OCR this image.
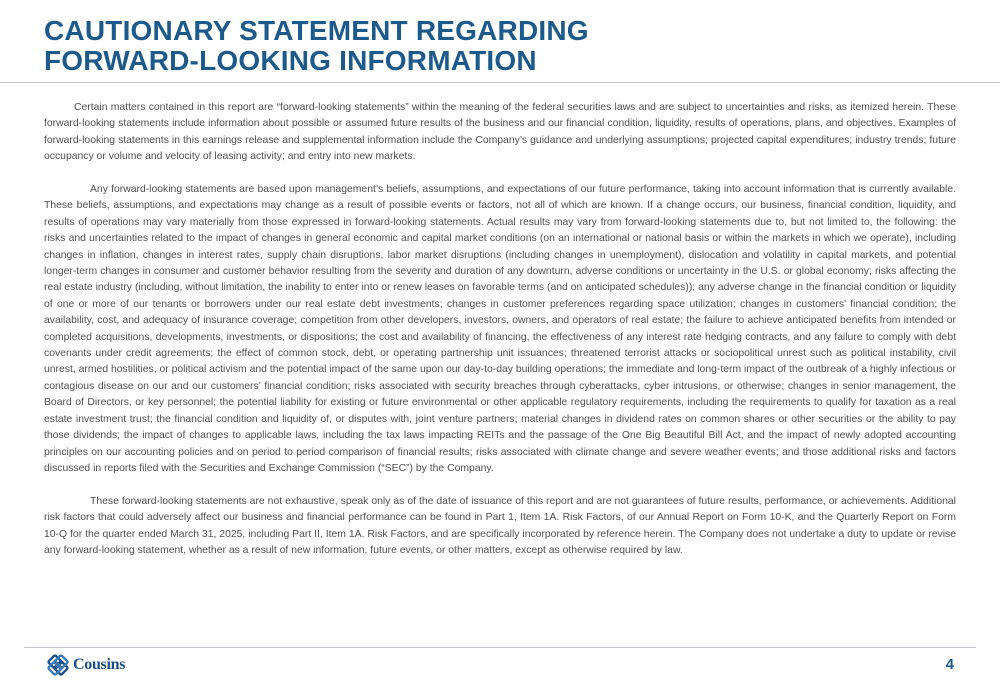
CAUTIONARY STATEMENT REGARDING
FORWARD-LOOKING INFORMATION

Certain matters contained in this report are “forward-looking statements” within the meaning of the federal securities laws and are subject to uncertainties and risks, as itemized herein. These forward-looking statements include information about possible or assumed future results of the business and our financial condition, liquidity, results of operations, plans, and objectives. Examples of forward-looking statements in this earnings release and supplemental information include the Company’s guidance and underlying assumptions; projected capital expenditures; industry trends; future occupancy or volume and velocity of leasing activity; and entry into new markets.

Any forward-looking statements are based upon management’s beliefs, assumptions, and expectations of our future performance, taking into account information that is currently available. These beliefs, assumptions, and expectations may change as a result of possible events or factors, not all of which are known. If a change occurs, our business, financial condition, liquidity, and results of operations may vary materially from those expressed in forward-looking statements. Actual results may vary from forward-looking statements due to, but not limited to, the following: the risks and uncertainties related to the impact of changes in general economic and capital market conditions (on an international or national basis or within the markets in which we operate), including changes in inflation, changes in interest rates, supply chain disruptions, labor market disruptions (including changes in unemployment), dislocation and volatility in capital markets, and potential longer-term changes in consumer and customer behavior resulting from the severity and duration of any downturn, adverse conditions or uncertainty in the U.S. or global economy; risks affecting the real estate industry (including, without limitation, the inability to enter into or renew leases on favorable terms (and on anticipated schedules)); any adverse change in the financial condition or liquidity of one or more of our tenants or borrowers under our real estate debt investments; changes in customer preferences regarding space utilization; changes in customers’ financial condition; the availability, cost, and adequacy of insurance coverage; competition from other developers, investors, owners, and operators of real estate; the failure to achieve anticipated benefits from intended or completed acquisitions, developments, investments, or dispositions; the cost and availability of financing, the effectiveness of any interest rate hedging contracts, and any failure to comply with debt covenants under credit agreements; the effect of common stock, debt, or operating partnership unit issuances; threatened terrorist attacks or sociopolitical unrest such as political instability, civil unrest, armed hostilities, or political activism and the potential impact of the same upon our day-to-day building operations; the immediate and long-term impact of the outbreak of a highly infectious or contagious disease on our and our customers’ financial condition; risks associated with security breaches through cyberattacks, cyber intrusions, or otherwise; changes in senior management, the Board of Directors, or key personnel; the potential liability for existing or future environmental or other applicable regulatory requirements, including the requirements to qualify for taxation as a real estate investment trust; the financial condition and liquidity of, or disputes with, joint venture partners; material changes in dividend rates on common shares or other securities or the ability to pay those dividends; the impact of changes to applicable laws, including the tax laws impacting REITs and the passage of the One Big Beautiful Bill Act, and the impact of newly adopted accounting principles on our accounting policies and on period to period comparison of financial results; risks associated with climate change and severe weather events; and those additional risks and factors discussed in reports filed with the Securities and Exchange Commission (“SEC”) by the Company.

These forward-looking statements are not exhaustive, speak only as of the date of issuance of this report and are not guarantees of future results, performance, or achievements. Additional risk factors that could adversely affect our business and financial performance can be found in Part 1, Item 1A. Risk Factors, of our Annual Report on Form 10-K, and the Quarterly Report on Form 10-Q for the quarter ended March 31, 2025, including Part II, Item 1A. Risk Factors, and are specifically incorporated by reference herein. The Company does not undertake a duty to update or revise any forward-looking statement, whether as a result of new information, future events, or other matters, except as otherwise required by law.

Cousins	4
